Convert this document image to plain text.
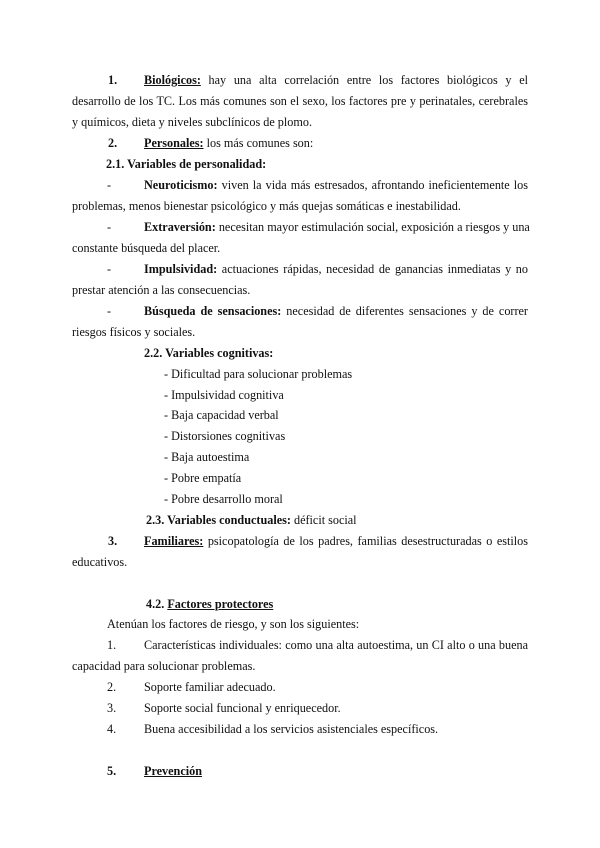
1. Biológicos: hay una alta correlación entre los factores biológicos y el
desarrollo de los TC. Los más comunes son el sexo, los factores pre y perinatales, cerebrales
y químicos, dieta y niveles subclínicos de plomo.
2. Personales: los más comunes son:
2.1. Variables de personalidad:
-	Neuroticismo: viven la vida más estresados, afrontando ineficientemente los
problemas, menos bienestar psicológico y más quejas somáticas e inestabilidad.
-	Extraversión: necesitan mayor estimulación social, exposición a riesgos y una
constante búsqueda del placer.
-	Impulsividad: actuaciones rápidas, necesidad de ganancias inmediatas y no
prestar atención a las consecuencias.
-	Búsqueda de sensaciones: necesidad de diferentes sensaciones y de correr
riesgos físicos y sociales.
2.2. Variables cognitivas:
- Dificultad para solucionar problemas
- Impulsividad cognitiva
- Baja capacidad verbal
- Distorsiones cognitivas
- Baja autoestima
- Pobre empatía
- Pobre desarrollo moral
2.3. Variables conductuales: déficit social
3. Familiares: psicopatología de los padres, familias desestructuradas o estilos
educativos.
4.2. Factores protectores
Atenúan los factores de riesgo, y son los siguientes:
1. Características individuales: como una alta autoestima, un CI alto o una buena
capacidad para solucionar problemas.
2. Soporte familiar adecuado.
3. Soporte social funcional y enriquecedor.
4. Buena accesibilidad a los servicios asistenciales específicos.
5. Prevención
